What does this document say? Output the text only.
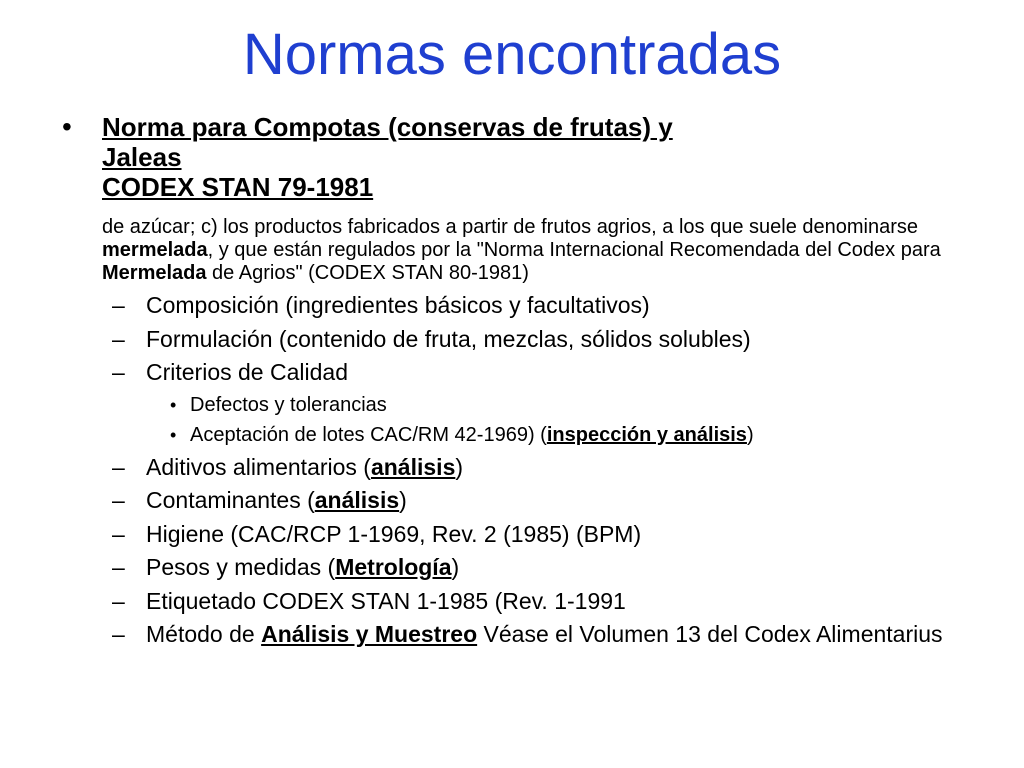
Normas encontradas
• Norma para Compotas (conservas de frutas) y
Jaleas
CODEX STAN 79-1981
de azúcar; c) los productos fabricados a partir de frutos agrios, a los que suele denominarse mermelada, y que están regulados por la "Norma Internacional Recomendada del Codex para Mermelada de Agrios" (CODEX STAN 80-1981)
– Composición (ingredientes básicos y facultativos)
– Formulación (contenido de fruta, mezclas, sólidos solubles)
– Criterios de Calidad
• Defectos y tolerancias
• Aceptación de lotes CAC/RM 42-1969) (inspección y análisis)
– Aditivos alimentarios (análisis)
– Contaminantes (análisis)
– Higiene (CAC/RCP 1-1969, Rev. 2 (1985) (BPM)
– Pesos y medidas (Metrología)
– Etiquetado CODEX STAN 1-1985 (Rev. 1-1991
– Método de Análisis y Muestreo Véase el Volumen 13 del Codex Alimentarius
